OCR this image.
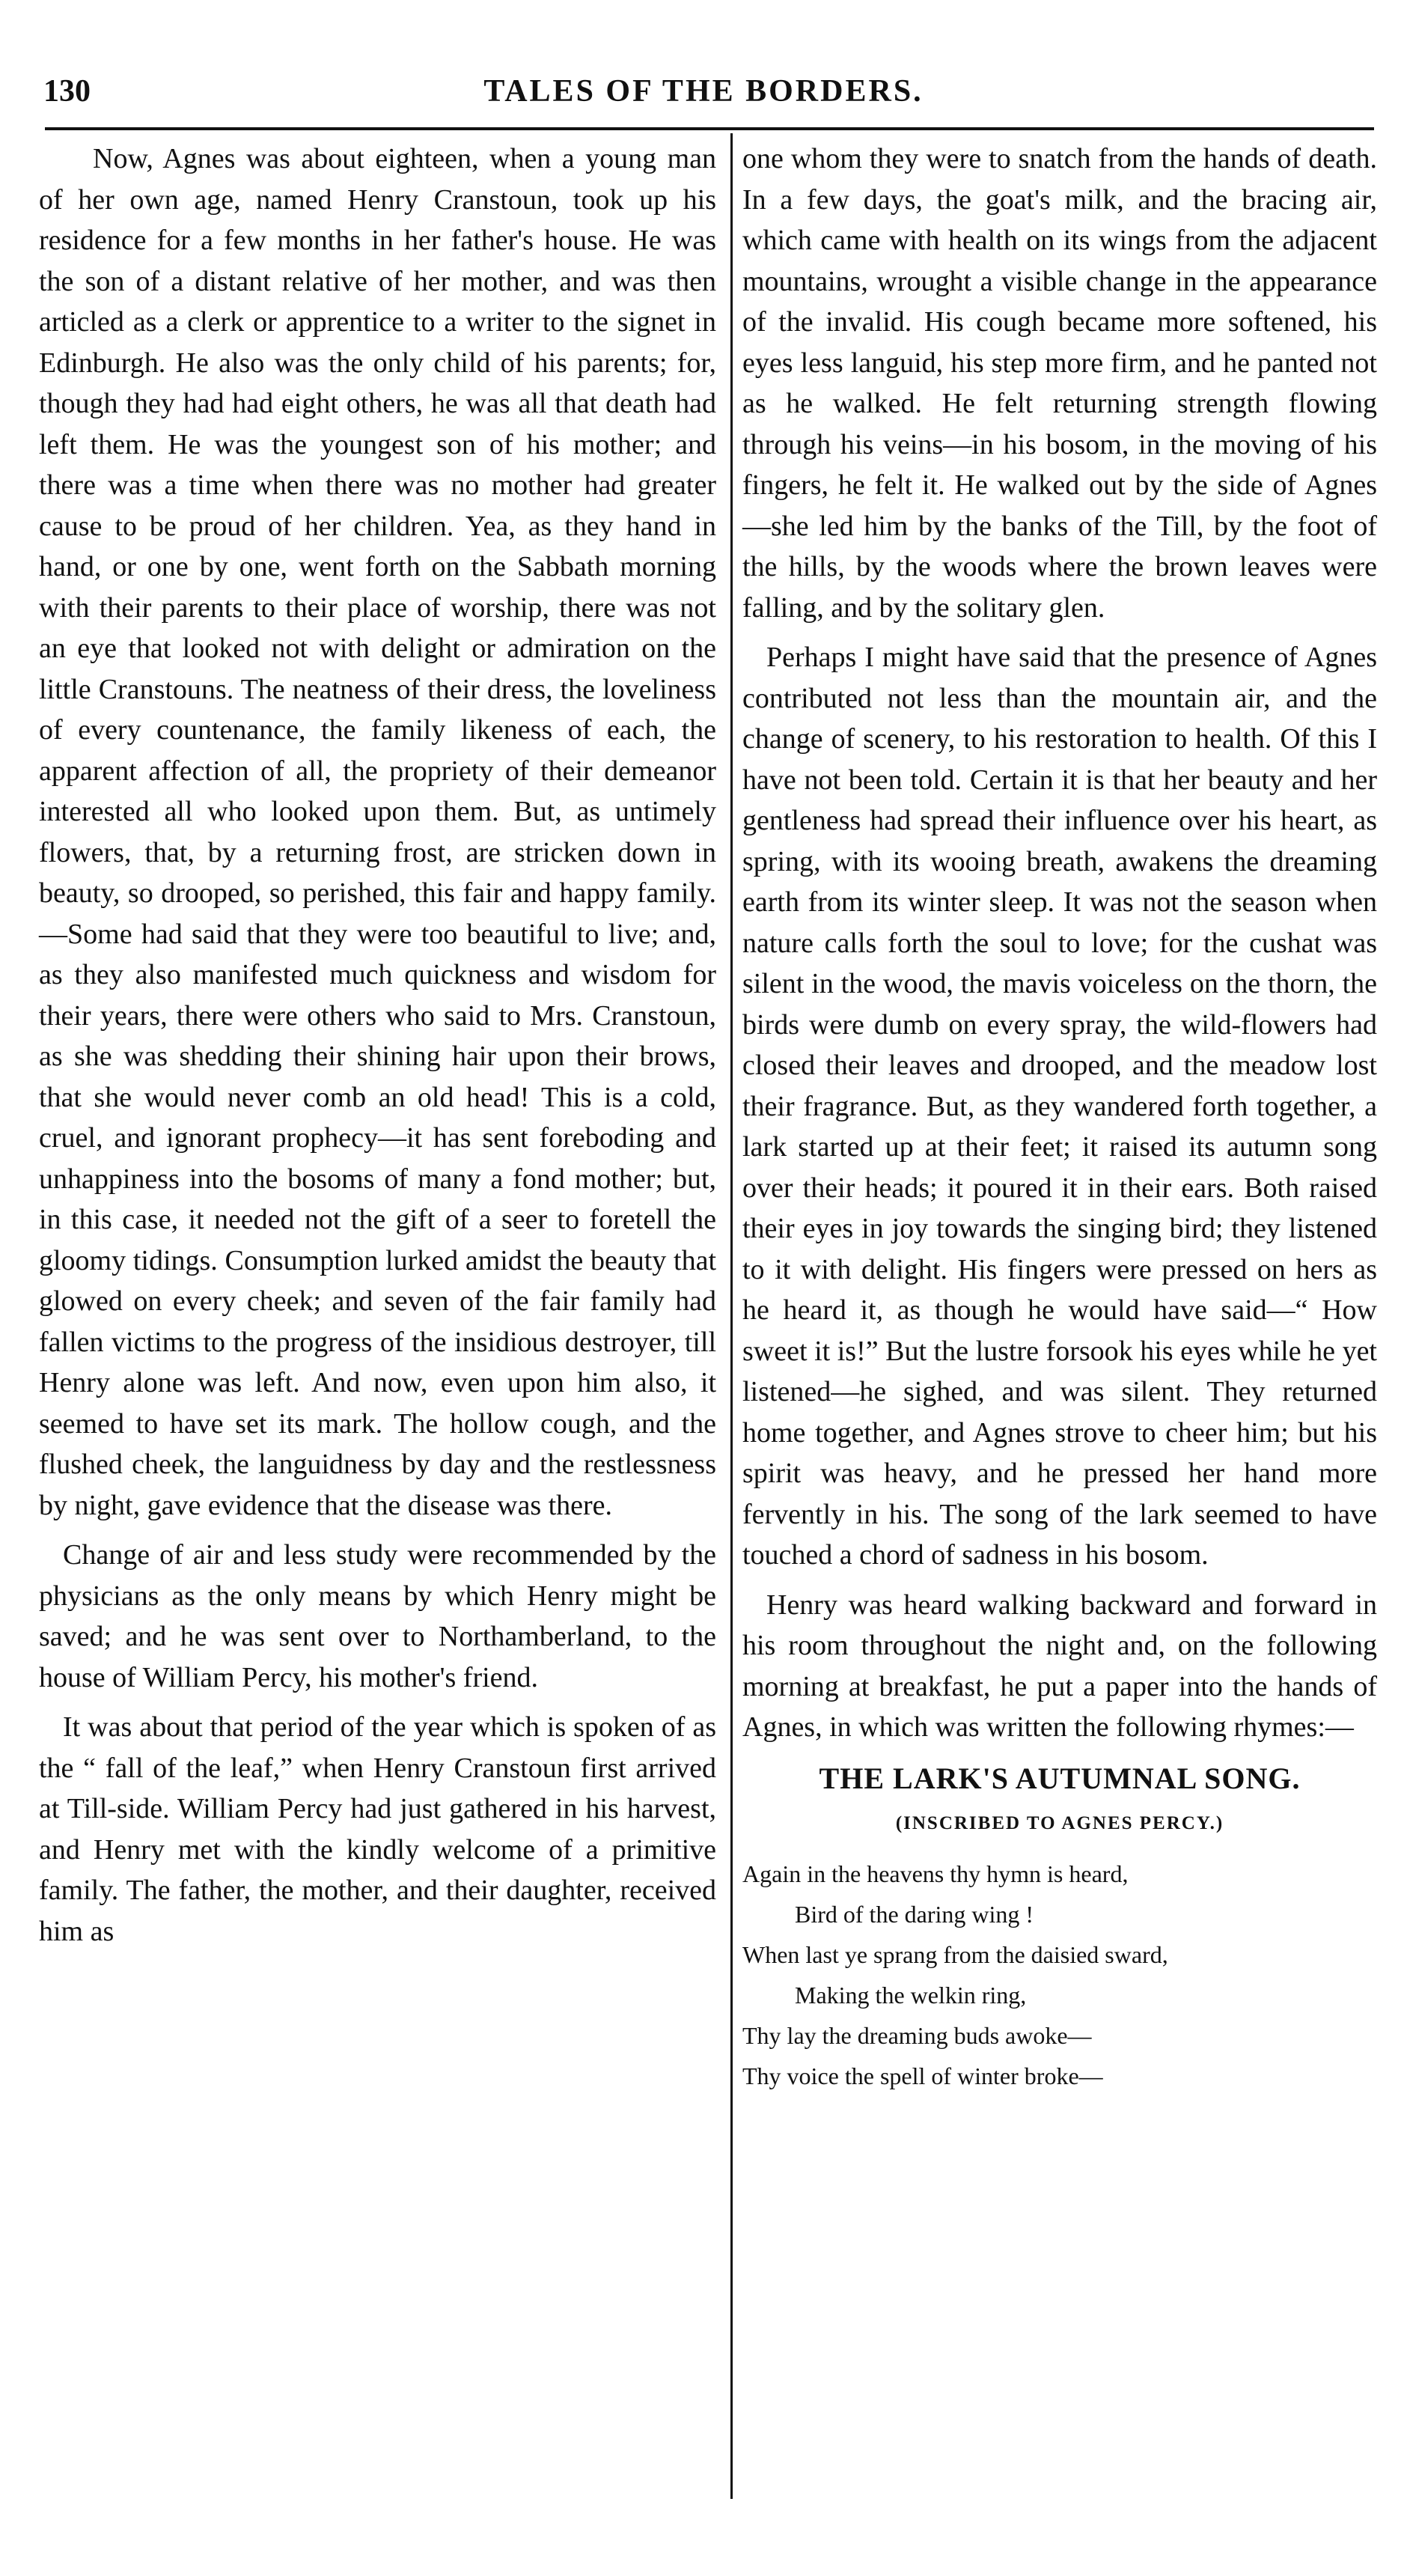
130	TALES OF THE BORDERS.

Now, Agnes was about eighteen, when a young man of her own age, named Henry Cranstoun, took up his residence for a few months in her father's house. He was the son of a distant relative of her mother, and was then articled as a clerk or apprentice to a writer to the signet in Edinburgh. He also was the only child of his parents; for, though they had had eight others, he was all that death had left them. He was the youngest son of his mother; and there was a time when there was no mother had greater cause to be proud of her children. Yea, as they hand in hand, or one by one, went forth on the Sabbath morning with their parents to their place of worship, there was not an eye that looked not with delight or admiration on the little Cranstouns. The neatness of their dress, the loveliness of every countenance, the family likeness of each, the apparent affection of all, the propriety of their demeanor interested all who looked upon them. But, as untimely flowers, that, by a returning frost, are stricken down in beauty, so drooped, so perished, this fair and happy family.—Some had said that they were too beautiful to live; and, as they also manifested much quickness and wisdom for their years, there were others who said to Mrs. Cranstoun, as she was shedding their shining hair upon their brows, that she would never comb an old head! This is a cold, cruel, and ignorant prophecy—it has sent foreboding and unhappiness into the bosoms of many a fond mother; but, in this case, it needed not the gift of a seer to foretell the gloomy tidings. Consumption lurked amidst the beauty that glowed on every cheek; and seven of the fair family had fallen victims to the progress of the insidious destroyer, till Henry alone was left. And now, even upon him also, it seemed to have set its mark. The hollow cough, and the flushed cheek, the languidness by day and the restlessness by night, gave evidence that the disease was there.

Change of air and less study were recommended by the physicians as the only means by which Henry might be saved; and he was sent over to Northamberland, to the house of William Percy, his mother's friend.

It was about that period of the year which is spoken of as the “ fall of the leaf,” when Henry Cranstoun first arrived at Till-side. William Percy had just gathered in his harvest, and Henry met with the kindly welcome of a primitive family. The father, the mother, and their daughter, received him as

one whom they were to snatch from the hands of death. In a few days, the goat's milk, and the bracing air, which came with health on its wings from the adjacent mountains, wrought a visible change in the appearance of the invalid. His cough became more softened, his eyes less languid, his step more firm, and he panted not as he walked. He felt returning strength flowing through his veins—in his bosom, in the moving of his fingers, he felt it. He walked out by the side of Agnes—she led him by the banks of the Till, by the foot of the hills, by the woods where the brown leaves were falling, and by the solitary glen.

Perhaps I might have said that the presence of Agnes contributed not less than the mountain air, and the change of scenery, to his restoration to health. Of this I have not been told. Certain it is that her beauty and her gentleness had spread their influence over his heart, as spring, with its wooing breath, awakens the dreaming earth from its winter sleep. It was not the season when nature calls forth the soul to love; for the cushat was silent in the wood, the mavis voiceless on the thorn, the birds were dumb on every spray, the wild-flowers had closed their leaves and drooped, and the meadow lost their fragrance. But, as they wandered forth together, a lark started up at their feet; it raised its autumn song over their heads; it poured it in their ears. Both raised their eyes in joy towards the singing bird; they listened to it with delight. His fingers were pressed on hers as he heard it, as though he would have said—“ How sweet it is!” But the lustre forsook his eyes while he yet listened—he sighed, and was silent. They returned home together, and Agnes strove to cheer him; but his spirit was heavy, and he pressed her hand more fervently in his. The song of the lark seemed to have touched a chord of sadness in his bosom.

Henry was heard walking backward and forward in his room throughout the night and, on the following morning at breakfast, he put a paper into the hands of Agnes, in which was written the following rhymes:—

THE LARK'S AUTUMNAL SONG.
(INSCRIBED TO AGNES PERCY.)
Again in the heavens thy hymn is heard,
Bird of the daring wing !
When last ye sprang from the daisied sward,
Making the welkin ring,
Thy lay the dreaming buds awoke—
Thy voice the spell of winter broke—
